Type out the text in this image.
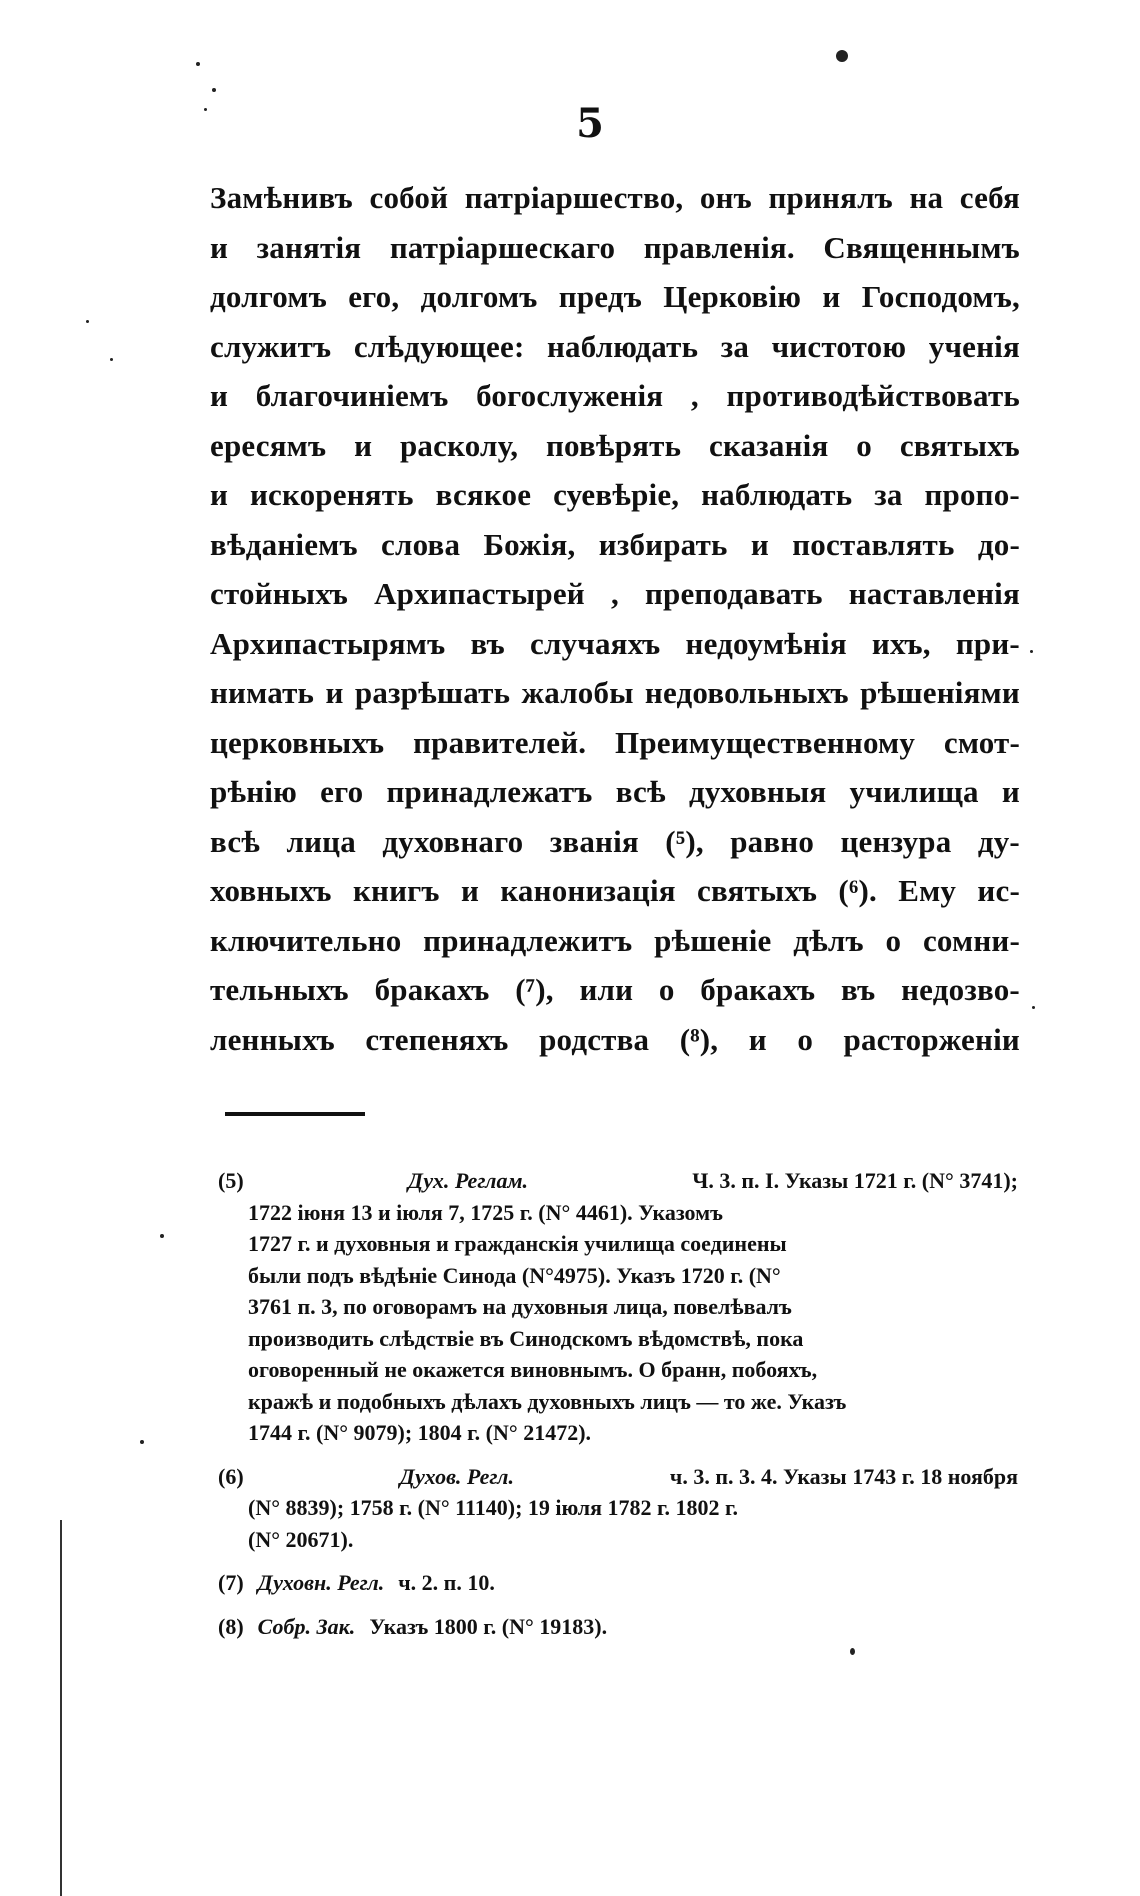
5
Замѣнивъ собой патріаршество, онъ принялъ на себя
и занятія патріаршескаго правленія. Священнымъ
долгомъ его, долгомъ предъ Церковію и Господомъ,
служитъ слѣдующее: наблюдать за чистотою ученія
и благочиніемъ богослуженія , противодѣйствовать
ересямъ и расколу, повѣрять сказанія о святыхъ
и искоренять всякое суевѣріе, наблюдать за пропо-
вѣданіемъ слова Божія, избирать и поставлять до-
стойныхъ Архипастырей , преподавать наставленія
Архипастырямъ въ случаяхъ недоумѣнія ихъ, при-
нимать и разрѣшать жалобы недовольныхъ рѣшеніями
церковныхъ правителей. Преимущественному смот-
рѣнію его принадлежатъ всѣ духовныя училища и
всѣ лица духовнаго званія (⁵), равно цензура ду-
ховныхъ книгъ и канонизація святыхъ (⁶). Ему ис-
ключительно принадлежитъ рѣшеніе дѣлъ о сомни-
тельныхъ бракахъ (⁷), или о бракахъ въ недозво-
ленныхъ степеняхъ родства (⁸), и о расторженіи
(5)	Дух. Реглам.	Ч. 3. п. I. Указы 1721 г. (N° 3741);
1722 іюня 13 и іюля 7, 1725 г. (N° 4461). Указомъ
1727 г. и духовныя и гражданскія училища соединены
были подъ вѣдѣніе Синода (N°4975). Указъ 1720 г. (N°
3761 п. 3, по оговорамъ на духовныя лица, повелѣвалъ
производить слѣдствіе въ Синодскомъ вѣдомствѣ, пока
оговоренный не окажется виновнымъ. О бранн, побояхъ,
кражѣ и подобныхъ дѣлахъ духовныхъ лицъ — то же. Указъ
1744 г. (N° 9079); 1804 г. (N° 21472).
(6)	Духов. Регл.	ч. 3. п. 3. 4. Указы 1743 г. 18 ноября
(N° 8839); 1758 г. (N° 11140); 19 іюля 1782 г. 1802 г.
(N° 20671).
(7) Духовн. Регл. ч. 2. п. 10.
(8) Собр. Зак. Указъ 1800 г. (N° 19183).
